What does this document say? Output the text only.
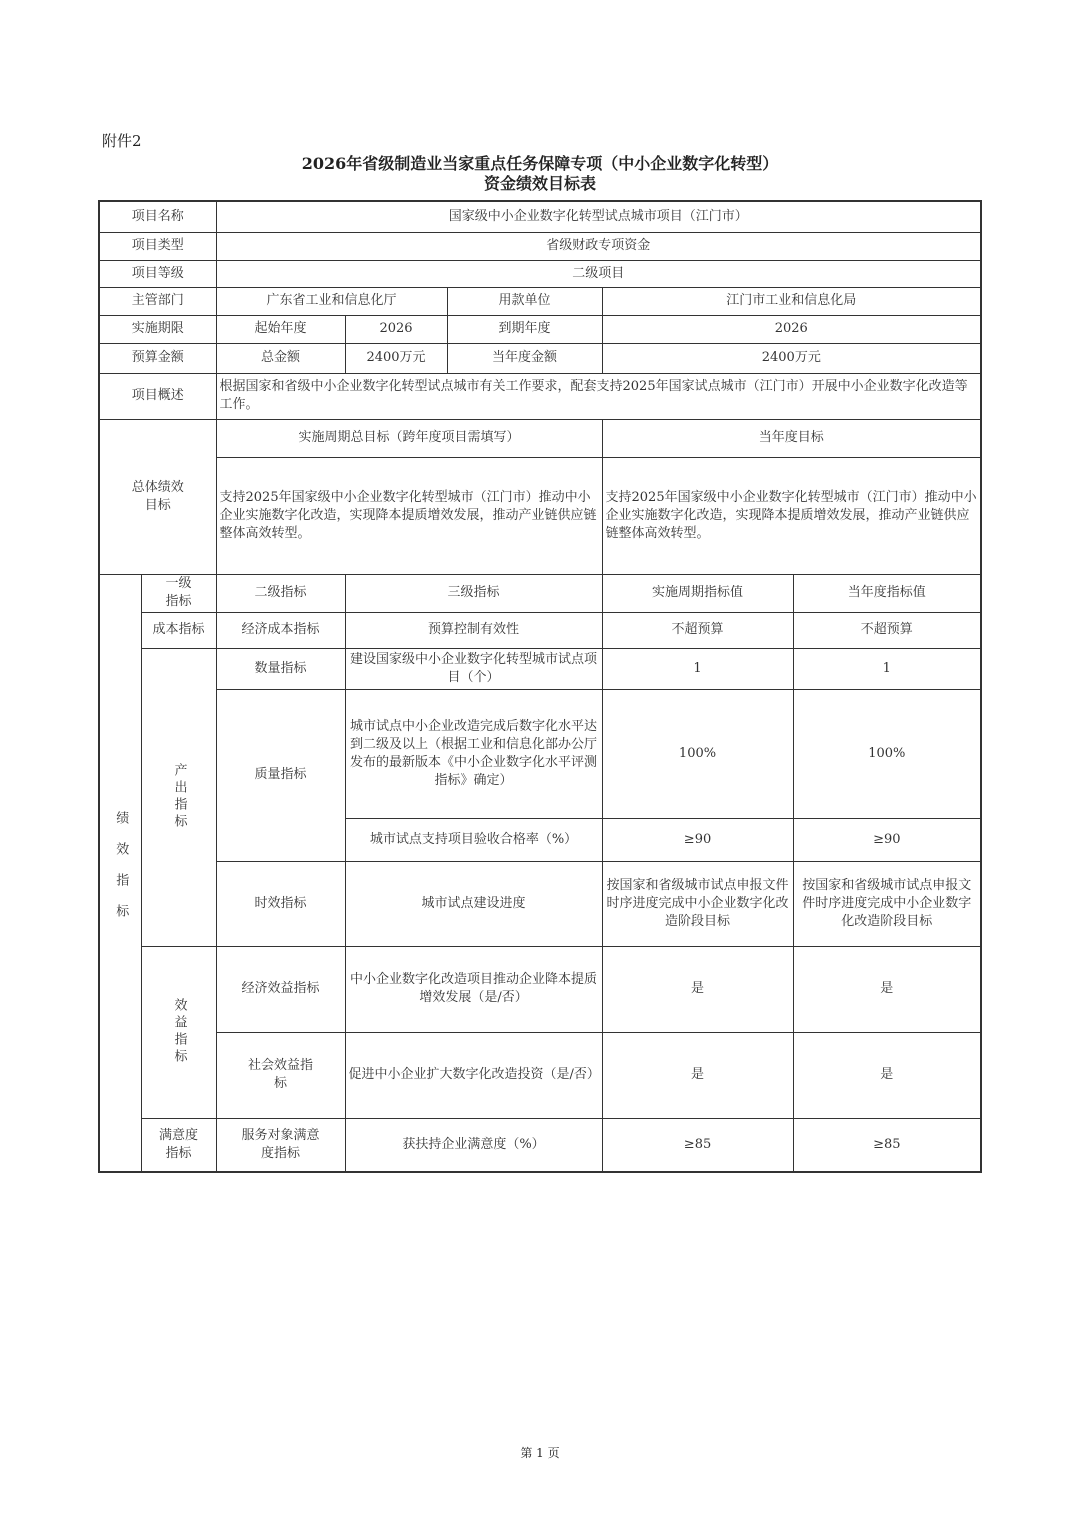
附件2
2026年省级制造业当家重点任务保障专项（中小企业数字化转型）
资金绩效目标表
项目名称		国家级中小企业数字化转型试点城市项目（江门市）				
项目类型		省级财政专项资金				
项目等级		二级项目				
主管部门		广东省工业和信息化厅		用款单位	江门市工业和信息化局	
实施期限		起始年度	2026	到期年度	2026	
预算金额		总金额	2400万元	当年度金额	2400万元	
项目概述		根据国家和省级中小企业数字化转型试点城市有关工作要求，配套支持2025年国家试点城市（江门市）开展中小企业数字化改造等工作。				
总体绩效目标		实施周期总目标（跨年度项目需填写）			当年度目标	
		支持2025年国家级中小企业数字化转型城市（江门市）推动中小企业实施数字化改造，实现降本提质增效发展，推动产业链供应链整体高效转型。			支持2025年国家级中小企业数字化转型城市（江门市）推动中小企业实施数字化改造，实现降本提质增效发展，推动产业链供应链整体高效转型。	
绩效指标	一级指标	二级指标	三级指标		实施周期指标值	当年度指标值
	成本指标	经济成本指标	预算控制有效性		不超预算	不超预算
	产出指标	数量指标	建设国家级中小企业数字化转型城市试点项目（个）		1	1
		质量指标	城市试点中小企业改造完成后数字化水平达到二级及以上（根据工业和信息化部办公厅发布的最新版本《中小企业数字化水平评测指标》确定）		100%	100%
			城市试点支持项目验收合格率（%）		≥90	≥90
		时效指标	城市试点建设进度		按国家和省级城市试点申报文件时序进度完成中小企业数字化改造阶段目标	按国家和省级城市试点申报文件时序进度完成中小企业数字化改造阶段目标
	效益指标	经济效益指标	中小企业数字化改造项目推动企业降本提质增效发展（是/否）		是	是
		社会效益指标	促进中小企业扩大数字化改造投资（是/否）		是	是
	满意度指标	服务对象满意度指标	获扶持企业满意度（%）		≥85	≥85
第 1 页
